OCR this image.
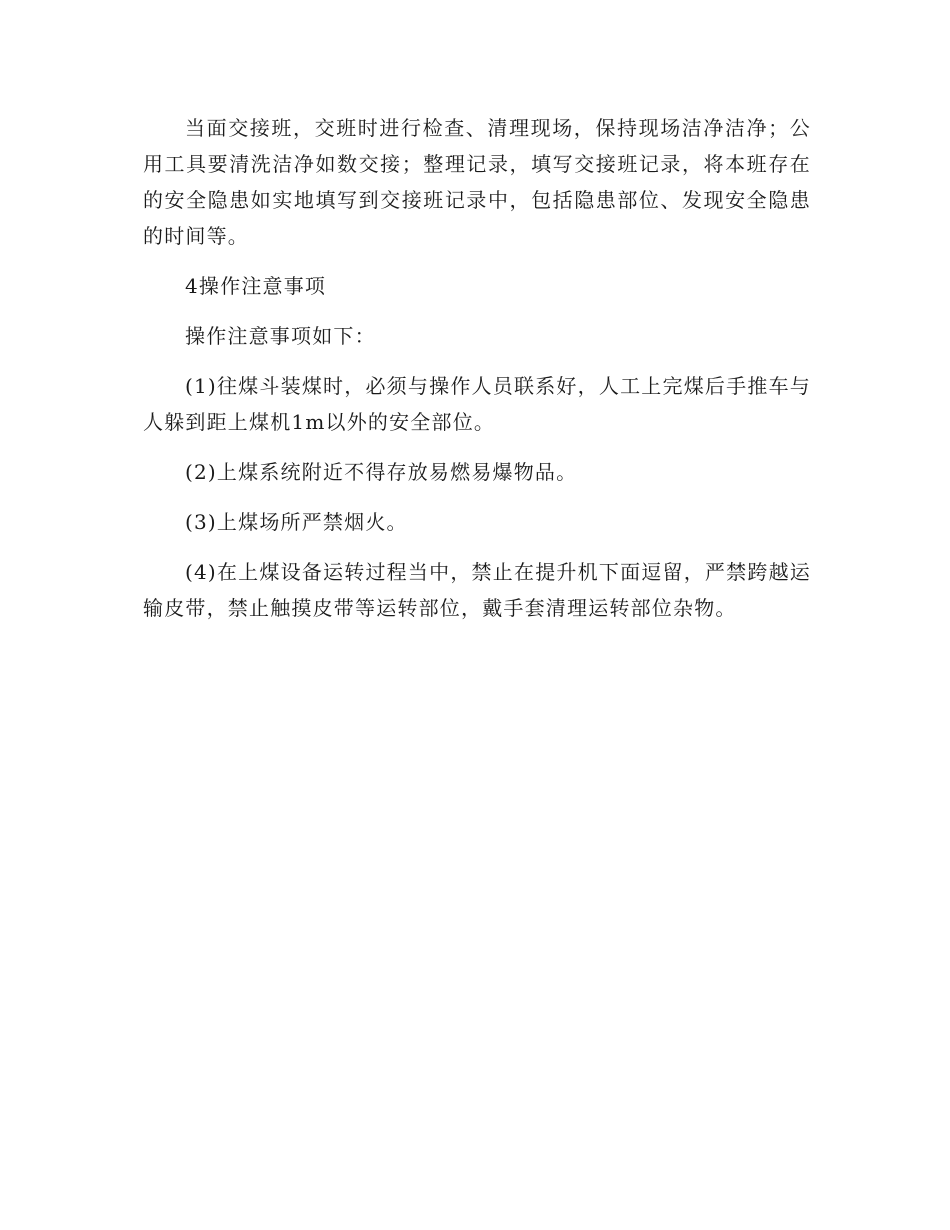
当面交接班，交班时进行检查、清理现场，保持现场洁净洁净；公用工具要清洗洁净如数交接；整理记录，填写交接班记录，将本班存在的安全隐患如实地填写到交接班记录中，包括隐患部位、发现安全隐患的时间等。

4操作注意事项

操作注意事项如下：

(1)往煤斗装煤时，必须与操作人员联系好，人工上完煤后手推车与人躲到距上煤机1m以外的安全部位。

(2)上煤系统附近不得存放易燃易爆物品。

(3)上煤场所严禁烟火。

(4)在上煤设备运转过程当中，禁止在提升机下面逗留，严禁跨越运输皮带，禁止触摸皮带等运转部位，戴手套清理运转部位杂物。
